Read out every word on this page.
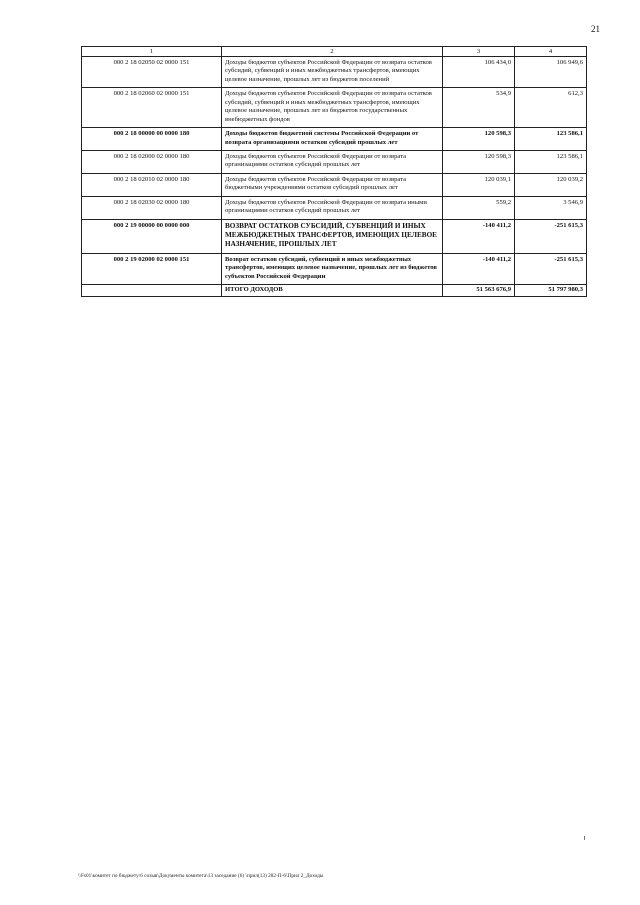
21
1	2	3	4
000 2 18 02050 02 0000 151	Доходы бюджетов субъектов Российской Федерации от возврата остатков субсидий, субвенций и иных межбюджетных трансфертов, имеющих целевое назначение, прошлых лет из бюджетов поселений	106 434,0	106 949,6
000 2 18 02060 02 0000 151	Доходы бюджетов субъектов Российской Федерации от возврата остатков субсидий, субвенций и иных межбюджетных трансфертов, имеющих целевое назначение, прошлых лет из бюджетов государственных внебюджетных фондов	534,9	612,3
000 2 18 00000 00 0000 180	Доходы бюджетов бюджетной системы Российской Федерации от возврата организациями остатков субсидий прошлых лет	120 598,3	123 586,1
000 2 18 02000 02 0000 180	Доходы бюджетов субъектов Российской Федерации от возврата организациями остатков субсидий прошлых лет	120 598,3	123 586,1
000 2 18 02010 02 0000 180	Доходы бюджетов субъектов Российской Федерации от возврата бюджетными учреждениями остатков субсидий прошлых лет	120 039,1	120 039,2
000 2 18 02030 02 0000 180	Доходы бюджетов субъектов Российской Федерации от возврата иными организациями остатков субсидий прошлых лет	559,2	3 546,9
000 2 19 00000 00 0000 000	ВОЗВРАТ ОСТАТКОВ СУБСИДИЙ, СУБВЕНЦИЙ И ИНЫХ МЕЖБЮДЖЕТНЫХ ТРАНСФЕРТОВ, ИМЕЮЩИХ ЦЕЛЕВОЕ НАЗНАЧЕНИЕ, ПРОШЛЫХ ЛЕТ	-140 411,2	-251 615,3
000 2 19 02000 02 0000 151	Возврат остатков субсидий, субвенций и иных межбюджетных трансфертов, имеющих целевое назначение, прошлых лет из бюджетов субъектов Российской Федерации	-140 411,2	-251 615,3
	ИТОГО ДОХОДОВ	51 563 676,9	51 797 980,3
\\Fs01\комитет по бюджету\6 созыв\Документы комитета\13 заседание (6) \прил(13) 282-П-6\Прил 2_Доходы
